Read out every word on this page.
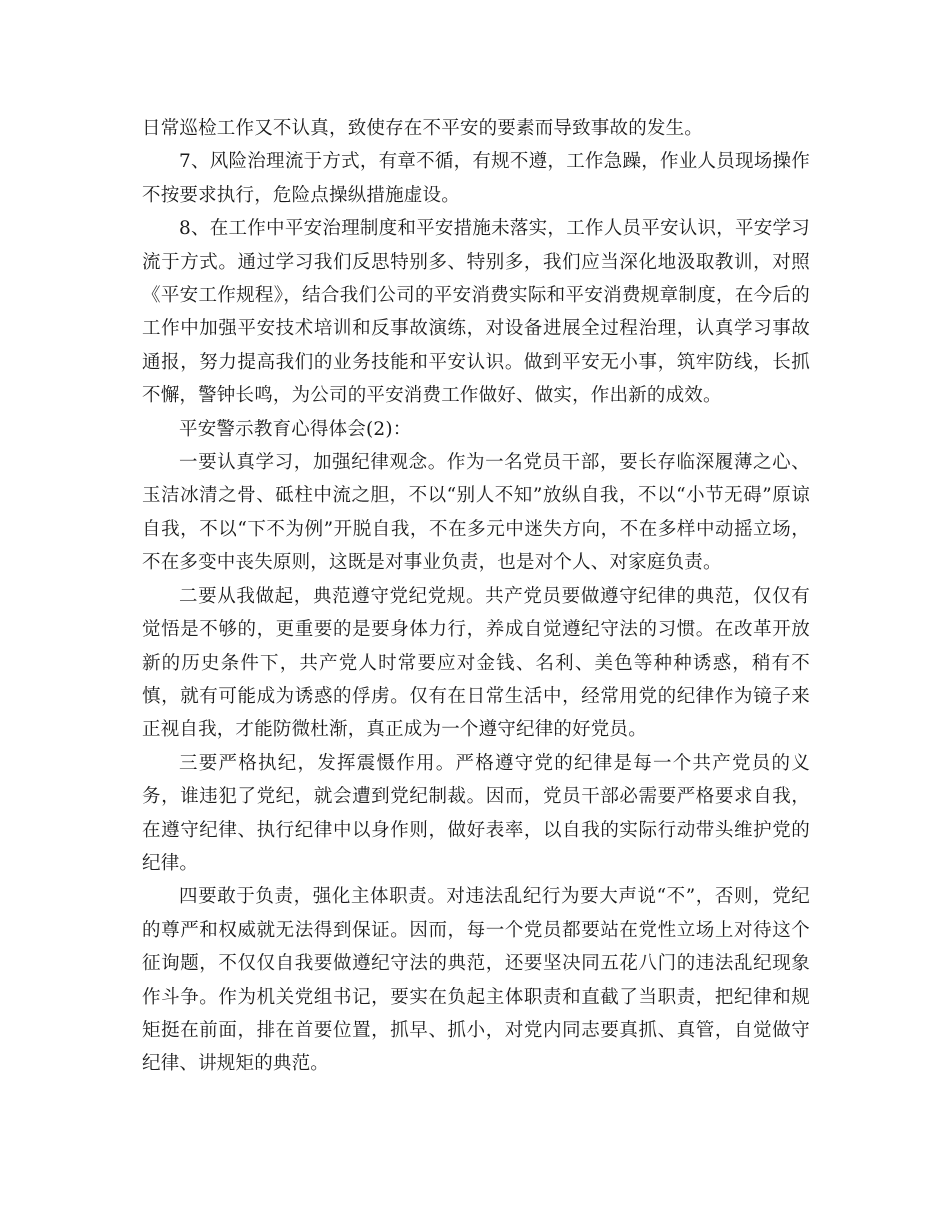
日常巡检工作又不认真，致使存在不平安的要素而导致事故的发生。

7、风险治理流于方式，有章不循，有规不遵，工作急躁，作业人员现场操作不按要求执行，危险点操纵措施虚设。

8、在工作中平安治理制度和平安措施未落实，工作人员平安认识，平安学习流于方式。通过学习我们反思特别多、特别多，我们应当深化地汲取教训，对照《平安工作规程》，结合我们公司的平安消费实际和平安消费规章制度，在今后的工作中加强平安技术培训和反事故演练，对设备进展全过程治理，认真学习事故通报，努力提高我们的业务技能和平安认识。做到平安无小事，筑牢防线，长抓不懈，警钟长鸣，为公司的平安消费工作做好、做实，作出新的成效。

平安警示教育心得体会(2)：

一要认真学习，加强纪律观念。作为一名党员干部，要长存临深履薄之心、玉洁冰清之骨、砥柱中流之胆，不以“别人不知”放纵自我，不以“小节无碍”原谅自我，不以“下不为例”开脱自我，不在多元中迷失方向，不在多样中动摇立场，不在多变中丧失原则，这既是对事业负责，也是对个人、对家庭负责。

二要从我做起，典范遵守党纪党规。共产党员要做遵守纪律的典范，仅仅有觉悟是不够的，更重要的是要身体力行，养成自觉遵纪守法的习惯。在改革开放新的历史条件下，共产党人时常要应对金钱、名利、美色等种种诱惑，稍有不慎，就有可能成为诱惑的俘虏。仅有在日常生活中，经常用党的纪律作为镜子来正视自我，才能防微杜渐，真正成为一个遵守纪律的好党员。

三要严格执纪，发挥震慑作用。严格遵守党的纪律是每一个共产党员的义务，谁违犯了党纪，就会遭到党纪制裁。因而，党员干部必需要严格要求自我，在遵守纪律、执行纪律中以身作则，做好表率，以自我的实际行动带头维护党的纪律。

四要敢于负责，强化主体职责。对违法乱纪行为要大声说“不”，否则，党纪的尊严和权威就无法得到保证。因而，每一个党员都要站在党性立场上对待这个征询题，不仅仅自我要做遵纪守法的典范，还要坚决同五花八门的违法乱纪现象作斗争。作为机关党组书记，要实在负起主体职责和直截了当职责，把纪律和规矩挺在前面，排在首要位置，抓早、抓小，对党内同志要真抓、真管，自觉做守纪律、讲规矩的典范。
